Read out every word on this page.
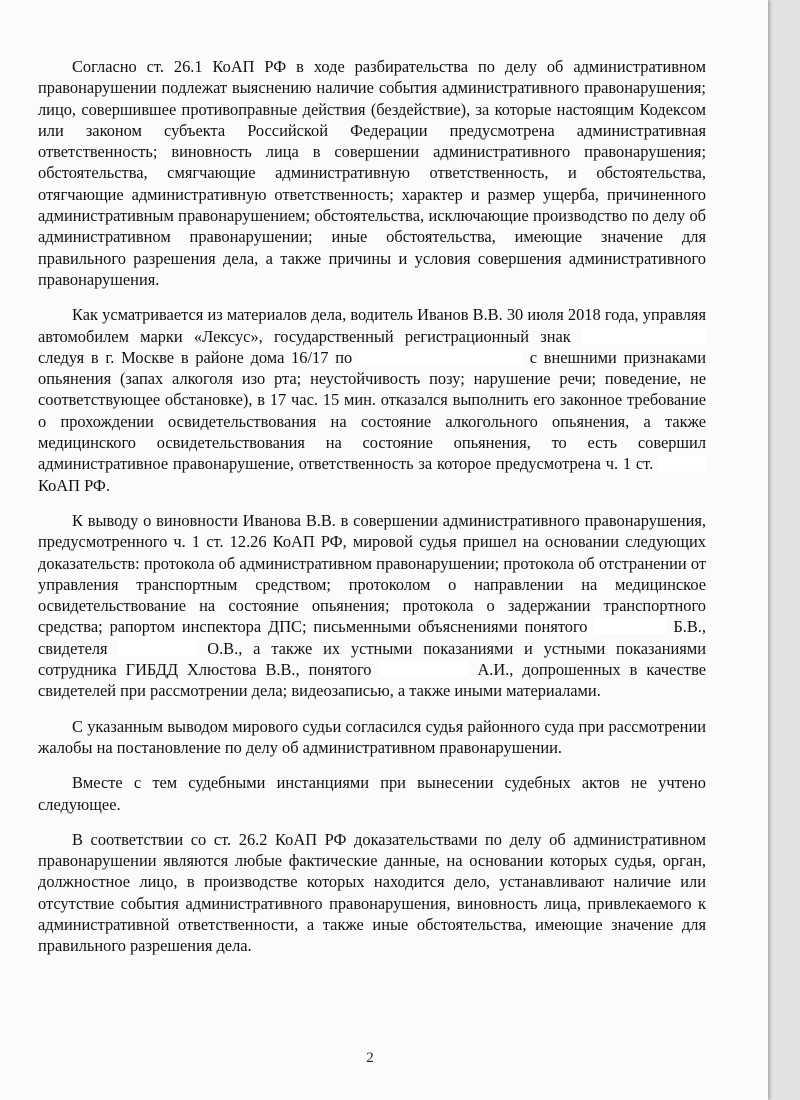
Согласно ст. 26.1 КоАП РФ в ходе разбирательства по делу об административном правонарушении подлежат выяснению наличие события административного правонарушения; лицо, совершившее противоправные действия (бездействие), за которые настоящим Кодексом или законом субъекта Российской Федерации предусмотрена административная ответственность; виновность лица в совершении административного правонарушения; обстоятельства, смягчающие административную ответственность, и обстоятельства, отягчающие административную ответственность; характер и размер ущерба, причиненного административным правонарушением; обстоятельства, исключающие производство по делу об административном правонарушении; иные обстоятельства, имеющие значение для правильного разрешения дела, а также причины и условия совершения административного правонарушения.

Как усматривается из материалов дела, водитель Иванов В.В. 30 июля 2018 года, управляя автомобилем марки «Лексус», государственный регистрационный знак  следуя в г. Москве в районе дома 16/17 по	с внешними признаками опьянения (запах алкоголя изо рта; неустойчивость позу; нарушение речи; поведение, не соответствующее обстановке), в 17 час. 15 мин. отказался выполнить его законное требование о прохождении освидетельствования на состояние алкогольного опьянения, а также медицинского освидетельствования на состояние опьянения, то есть совершил административное правонарушение, ответственность за которое предусмотрена ч. 1 ст.  КоАП РФ.

К выводу о виновности Иванова В.В. в совершении административного правонарушения, предусмотренного ч. 1 ст. 12.26 КоАП РФ, мировой судья пришел на основании следующих доказательств: протокола об административном правонарушении; протокола об отстранении от управления транспортным средством; протоколом о направлении на медицинское освидетельствование на состояние опьянения; протокола о задержании транспортного средства; рапортом инспектора ДПС; письменными объяснениями понятого	Б.В., свидетеля	О.В., а также их устными показаниями и устными показаниями сотрудника ГИБДД Хлюстова В.В., понятого	А.И., допрошенных в качестве свидетелей при рассмотрении дела; видеозаписью, а также иными материалами.

С указанным выводом мирового судьи согласился судья районного суда при рассмотрении жалобы на постановление по делу об административном правонарушении.

Вместе с тем судебными инстанциями при вынесении судебных актов не учтено следующее.

В соответствии со ст. 26.2 КоАП РФ доказательствами по делу об административном правонарушении являются любые фактические данные, на основании которых судья, орган, должностное лицо, в производстве которых находится дело, устанавливают наличие или отсутствие события административного правонарушения, виновность лица, привлекаемого к административной ответственности, а также иные обстоятельства, имеющие значение для правильного разрешения дела.

2
